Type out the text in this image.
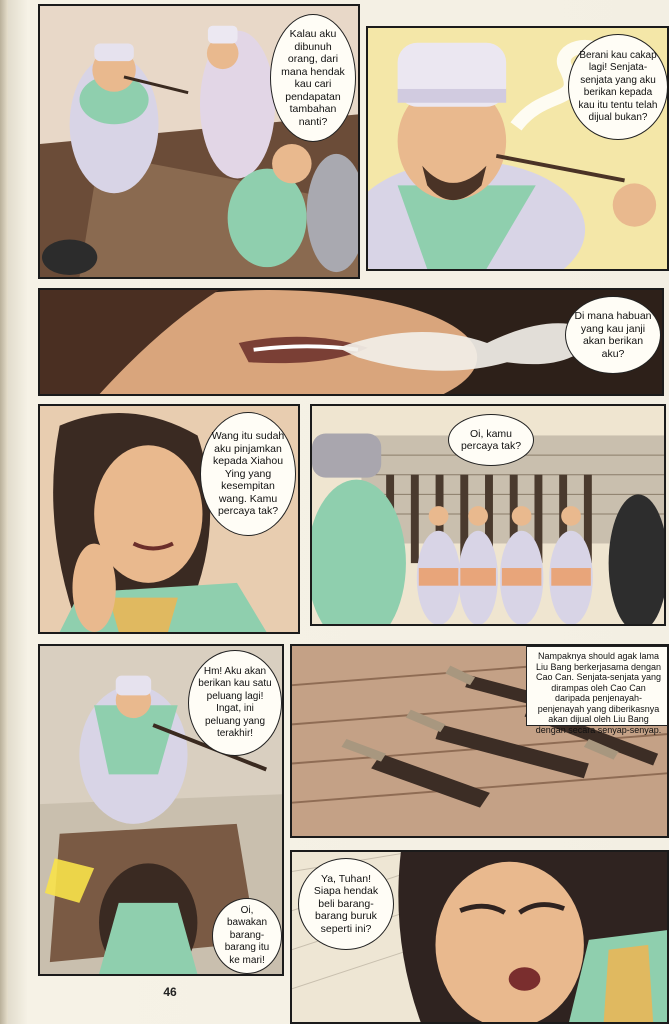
Kalau aku dibunuh orang, dari mana hendak kau cari pendapatan tambahan nanti?
Berani kau cakap lagi! Senjata-senjata yang aku berikan kepada kau itu tentu telah dijual bukan?
Di mana habuan yang kau janji akan berikan aku?
Wang itu sudah aku pinjamkan kepada Xiahou Ying yang kesempitan wang. Kamu percaya tak?
Oi, kamu percaya tak?
Hm! Aku akan berikan kau satu peluang lagi! Ingat, ini peluang yang terakhir!
Oi, bawakan barang-barang itu ke mari!
Nampaknya should agak lama Liu Bang berkerjasama dengan Cao Can. Senjata-senjata yang dirampas oleh Cao Can daripada penjenayah-penjenayah yang diberikasnya akan dijual oleh Liu Bang dengan secara senyap-senyap.
Ya, Tuhan! Siapa hendak beli barang-barang buruk seperti ini?
46
